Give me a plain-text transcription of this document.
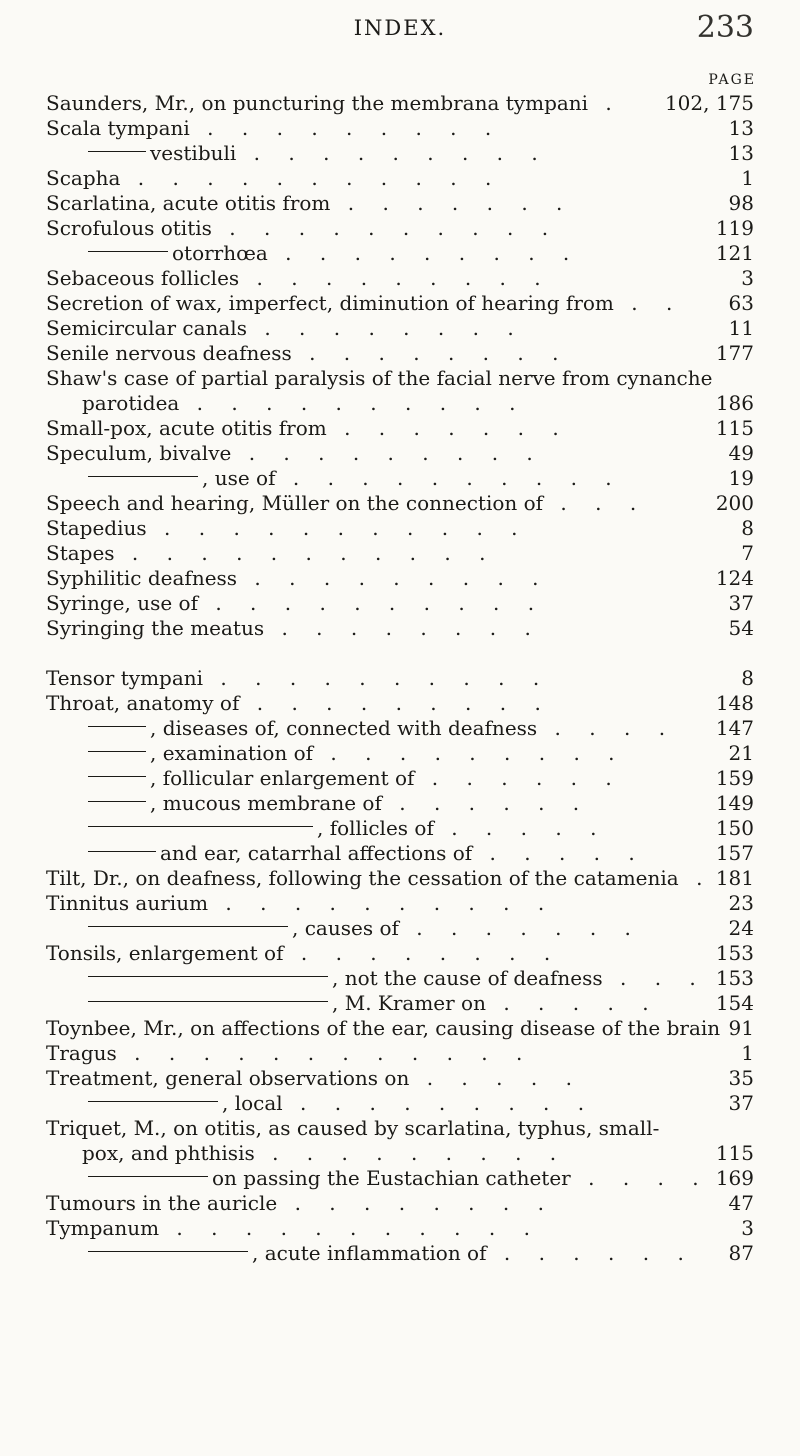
INDEX.	233
PAGE
Saunders, Mr., on puncturing the membrana tympani . 102, 175
Scala tympani . . . . . . . . .	13
vestibuli . . . . . . . . .	13
Scapha . . . . . . . . . . .	1
Scarlatina, acute otitis from . . . . . . .	98
Scrofulous otitis . . . . . . . . . .	119
otorrhœa . . . . . . . . .	121
Sebaceous follicles . . . . . . . . .	3
Secretion of wax, imperfect, diminution of hearing from . . 63
Semicircular canals . . . . . . . .	11
Senile nervous deafness . . . . . . . .	177
Shaw's case of partial paralysis of the facial nerve from cynanche
parotidea . . . . . . . . . .	186
Small-pox, acute otitis from . . . . . . .	115
Speculum, bivalve . . . . . . . . .	49
, use of . . . . . . . . . .	19
Speech and hearing, Müller on the connection of . . .	200
Stapedius . . . . . . . . . . .	8
Stapes . . . . . . . . . . .	7
Syphilitic deafness . . . . . . . . .	124
Syringe, use of . . . . . . . . . .	37
Syringing the meatus . . . . . . . .	54
Tensor tympani . . . . . . . . . .	8
Throat, anatomy of . . . . . . . . .	148
, diseases of, connected with deafness . . . . 147
, examination of . . . . . . . . .	21
, follicular enlargement of . . . . . .	159
, mucous membrane of . . . . . .	149
, follicles of . . . . .	150
and ear, catarrhal affections of . . . . .	157
Tilt, Dr., on deafness, following the cessation of the catamenia . 181
Tinnitus aurium . . . . . . . . . .	23
, causes of . . . . . . .	24
Tonsils, enlargement of . . . . . . . .	153
, not the cause of deafness . . . 153
, M. Kramer on . . . . .	154
Toynbee, Mr., on affections of the ear, causing disease of the brain 91
Tragus . . . . . . . . . . . .	1
Treatment, general observations on . . . . .	35
, local . . . . . . . . .	37
Triquet, M., on otitis, as caused by scarlatina, typhus, small-
pox, and phthisis . . . . . . . . .	115
on passing the Eustachian catheter . . . . 169
Tumours in the auricle . . . . . . . .	47
Tympanum . . . . . . . . . . .	3
, acute inflammation of . . . . . . 87
